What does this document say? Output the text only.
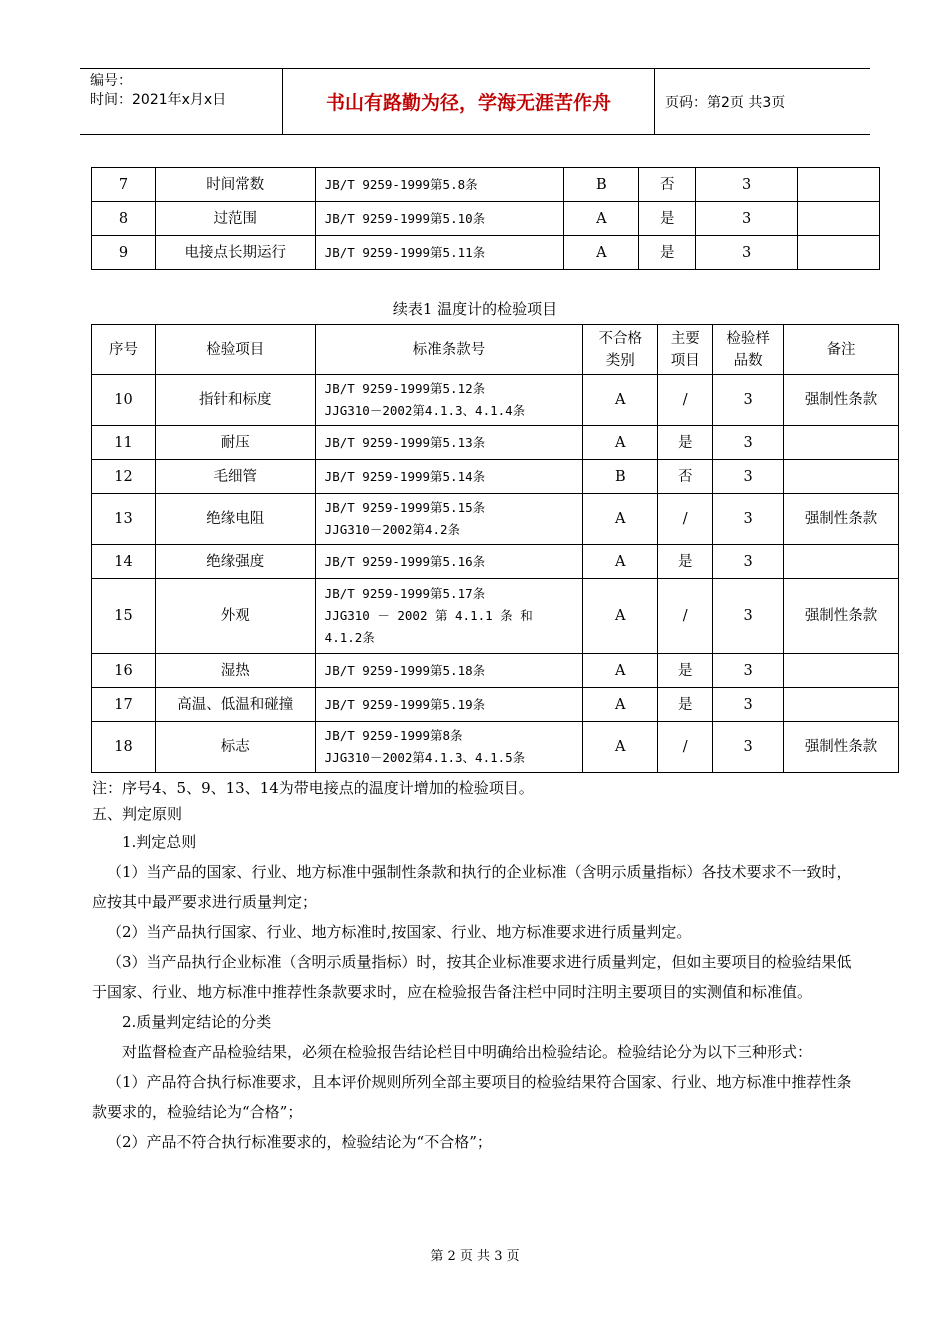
编号：
时间：2021年x月x日	书山有路勤为径，学海无涯苦作舟	页码：第2页 共3页
7	时间常数	JB/T 9259-1999第5.8条	B	否	3	
8	过范围	JB/T 9259-1999第5.10条	A	是	3	
9	电接点长期运行	JB/T 9259-1999第5.11条	A	是	3	
续表1 温度计的检验项目
序号	检验项目	标准条款号	不合格类别	主要项目	检验样品数	备注
10	指针和标度	JB/T 9259-1999第5.12条
JJG310－2002第4.1.3、4.1.4条	A	/	3	强制性条款
11	耐压	JB/T 9259-1999第5.13条	A	是	3	
12	毛细管	JB/T 9259-1999第5.14条	B	否	3	
13	绝缘电阻	JB/T 9259-1999第5.15条
JJG310－2002第4.2条	A	/	3	强制性条款
14	绝缘强度	JB/T 9259-1999第5.16条	A	是	3	
15	外观	JB/T 9259-1999第5.17条
JJG310 － 2002 第 4.1.1 条 和
4.1.2条	A	/	3	强制性条款
16	湿热	JB/T 9259-1999第5.18条	A	是	3	
17	高温、低温和碰撞	JB/T 9259-1999第5.19条	A	是	3	
18	标志	JB/T 9259-1999第8条
JJG310－2002第4.1.3、4.1.5条	A	/	3	强制性条款

注：序号4、5、9、13、14为带电接点的温度计增加的检验项目。

五、判定原则

1.判定总则

（1）当产品的国家、行业、地方标准中强制性条款和执行的企业标准（含明示质量指标）各技术要求不一致时，应按其中最严要求进行质量判定；

（2）当产品执行国家、行业、地方标准时,按国家、行业、地方标准要求进行质量判定。

（3）当产品执行企业标准（含明示质量指标）时，按其企业标准要求进行质量判定，但如主要项目的检验结果低于国家、行业、地方标准中推荐性条款要求时，应在检验报告备注栏中同时注明主要项目的实测值和标准值。

2.质量判定结论的分类

对监督检查产品检验结果，必须在检验报告结论栏目中明确给出检验结论。检验结论分为以下三种形式：

（1）产品符合执行标准要求，且本评价规则所列全部主要项目的检验结果符合国家、行业、地方标准中推荐性条款要求的，检验结论为“合格”；

（2）产品不符合执行标准要求的，检验结论为“不合格”；

第 2 页 共 3 页
